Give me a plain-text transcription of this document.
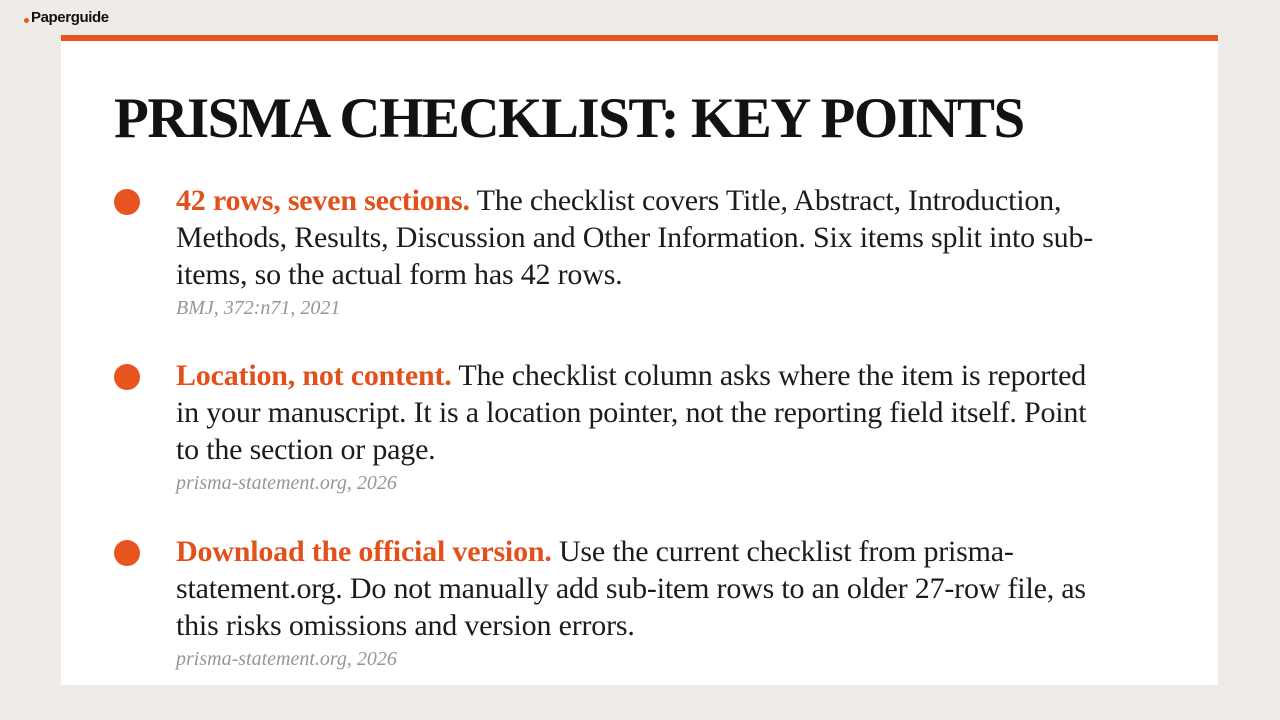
Paperguide
PRISMA CHECKLIST: KEY POINTS

42 rows, seven sections. The checklist covers Title, Abstract, Introduction, Methods, Results, Discussion and Other Information. Six items split into sub-items, so the actual form has 42 rows.

BMJ, 372:n71, 2021

Location, not content. The checklist column asks where the item is reported in your manuscript. It is a location pointer, not the reporting field itself. Point to the section or page.

prisma-statement.org, 2026

Download the official version. Use the current checklist from prisma-statement.org. Do not manually add sub-item rows to an older 27-row file, as this risks omissions and version errors.

prisma-statement.org, 2026
